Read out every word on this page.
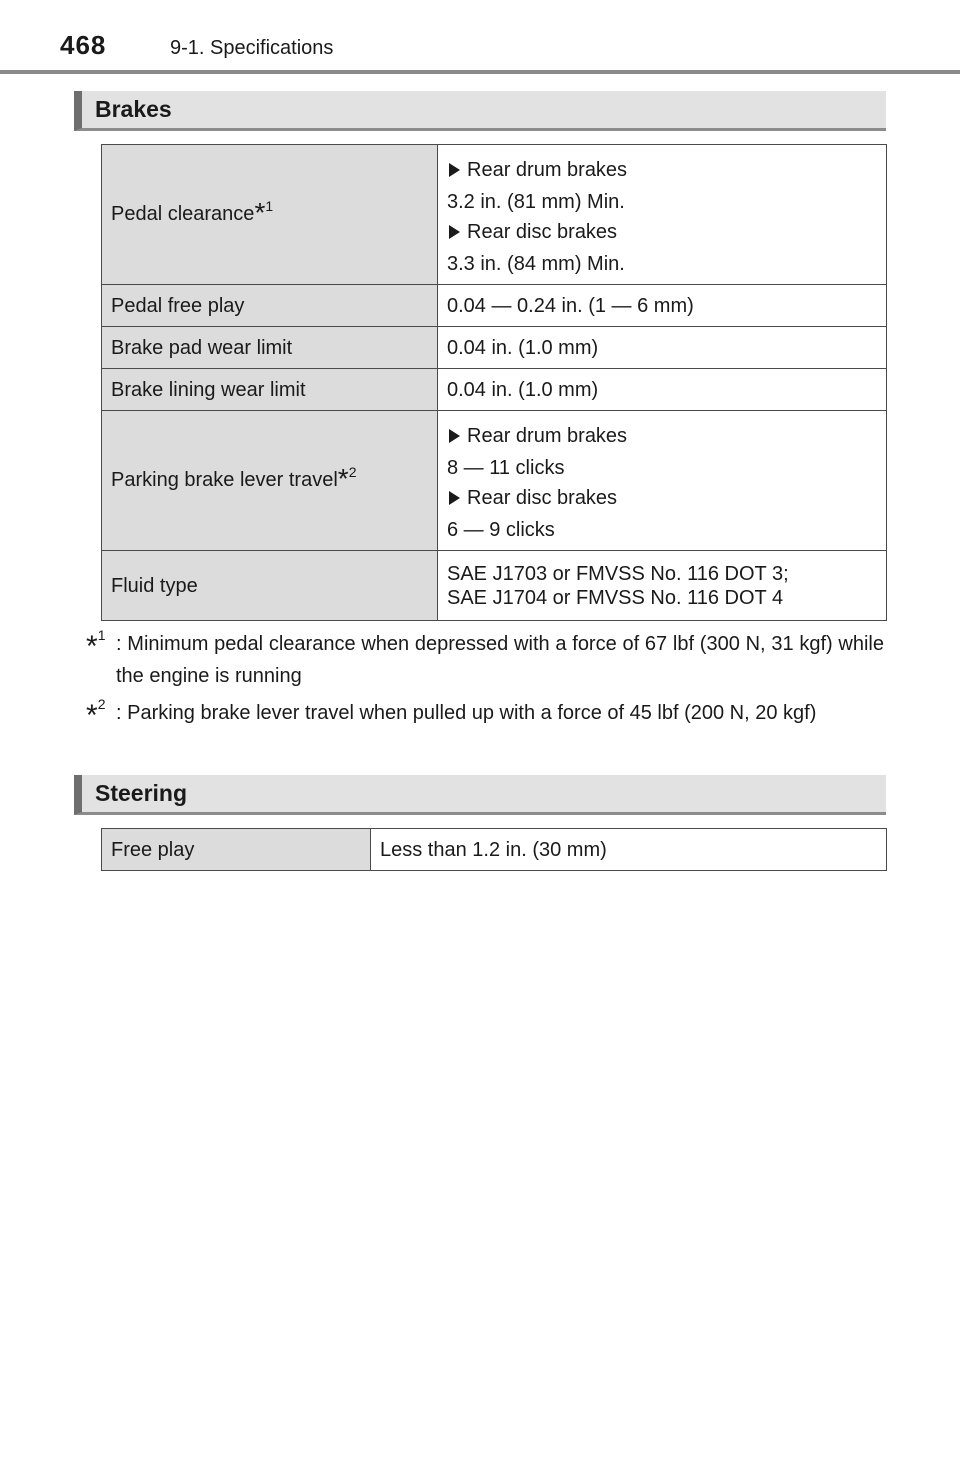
468	9-1. Specifications
Brakes
Pedal clearance*$^1$	Rear drum brakes
3.2 in. (81 mm) Min.
Rear disc brakes
3.3 in. (84 mm) Min.

Pedal free play	0.04 — 0.24 in. (1 — 6 mm)
Brake pad wear limit	0.04 in. (1.0 mm)
Brake lining wear limit	0.04 in. (1.0 mm)
Parking brake lever travel*$^2$	Rear drum brakes
8 — 11 clicks
Rear disc brakes
6 — 9 clicks

Fluid type	SAE J1703 or FMVSS No. 116 DOT 3;
SAE J1704 or FMVSS No. 116 DOT 4
*$^1$ : Minimum pedal clearance when depressed with a force of 67 lbf (300 N, 31 kgf) while the engine is running
*$^2$ : Parking brake lever travel when pulled up with a force of 45 lbf (200 N, 20 kgf)
Steering
Free play	Less than 1.2 in. (30 mm)
